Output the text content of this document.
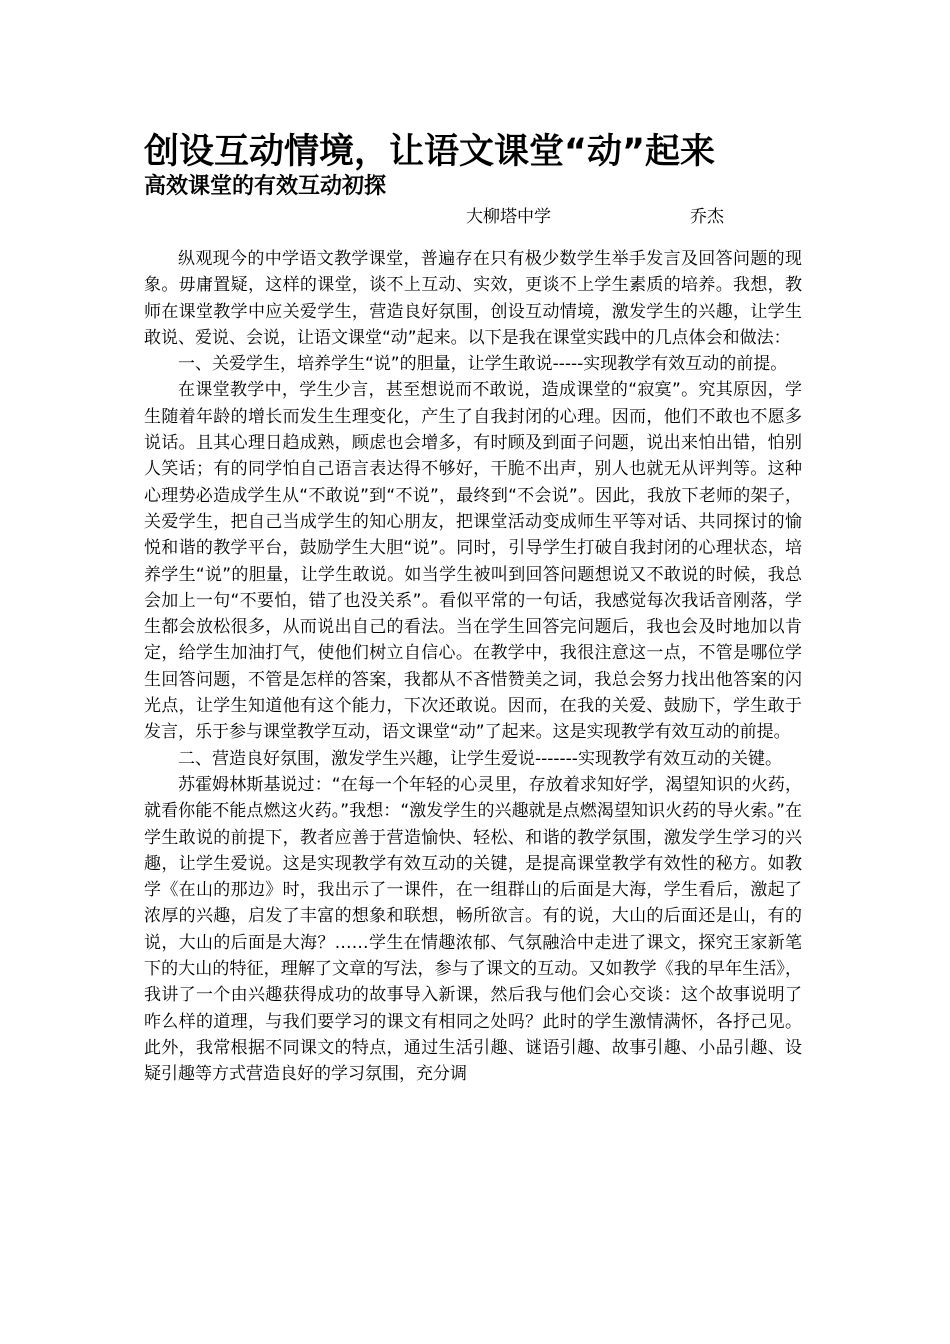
创设互动情境，让语文课堂“动”起来
高效课堂的有效互动初探
大柳塔中学	乔杰

纵观现今的中学语文教学课堂，普遍存在只有极少数学生举手发言及回答问题的现象。毋庸置疑，这样的课堂，谈不上互动、实效，更谈不上学生素质的培养。我想，教师在课堂教学中应关爱学生，营造良好氛围，创设互动情境，激发学生的兴趣，让学生敢说、爱说、会说，让语文课堂“动”起来。以下是我在课堂实践中的几点体会和做法：

一、关爱学生，培养学生“说”的胆量，让学生敢说-----实现教学有效互动的前提。

在课堂教学中，学生少言，甚至想说而不敢说，造成课堂的“寂寞”。究其原因，学生随着年龄的增长而发生生理变化，产生了自我封闭的心理。因而，他们不敢也不愿多说话。且其心理日趋成熟，顾虑也会增多，有时顾及到面子问题，说出来怕出错，怕别人笑话；有的同学怕自己语言表达得不够好，干脆不出声，别人也就无从评判等。这种心理势必造成学生从“不敢说”到“不说”，最终到“不会说”。因此，我放下老师的架子，关爱学生，把自己当成学生的知心朋友，把课堂活动变成师生平等对话、共同探讨的愉悦和谐的教学平台，鼓励学生大胆“说”。同时，引导学生打破自我封闭的心理状态，培养学生“说”的胆量，让学生敢说。如当学生被叫到回答问题想说又不敢说的时候，我总会加上一句“不要怕，错了也没关系”。看似平常的一句话，我感觉每次我话音刚落，学生都会放松很多，从而说出自己的看法。当在学生回答完问题后，我也会及时地加以肯定，给学生加油打气，使他们树立自信心。在教学中，我很注意这一点，不管是哪位学生回答问题，不管是怎样的答案，我都从不吝惜赞美之词，我总会努力找出他答案的闪光点，让学生知道他有这个能力，下次还敢说。因而，在我的关爱、鼓励下，学生敢于发言，乐于参与课堂教学互动，语文课堂“动”了起来。这是实现教学有效互动的前提。

二、营造良好氛围，激发学生兴趣，让学生爱说-------实现教学有效互动的关键。

苏霍姆林斯基说过：“在每一个年轻的心灵里，存放着求知好学，渴望知识的火药，就看你能不能点燃这火药。”我想：“激发学生的兴趣就是点燃渴望知识火药的导火索。”在学生敢说的前提下，教者应善于营造愉快、轻松、和谐的教学氛围，激发学生学习的兴趣，让学生爱说。这是实现教学有效互动的关键，是提高课堂教学有效性的秘方。如教学《在山的那边》时，我出示了一课件，在一组群山的后面是大海，学生看后，激起了浓厚的兴趣，启发了丰富的想象和联想，畅所欲言。有的说，大山的后面还是山，有的说，大山的后面是大海？……学生在情趣浓郁、气氛融洽中走进了课文，探究王家新笔下的大山的特征，理解了文章的写法，参与了课文的互动。又如教学《我的早年生活》，我讲了一个由兴趣获得成功的故事导入新课，然后我与他们会心交谈：这个故事说明了咋么样的道理，与我们要学习的课文有相同之处吗？此时的学生激情满怀，各抒己见。此外，我常根据不同课文的特点，通过生活引趣、谜语引趣、故事引趣、小品引趣、设疑引趣等方式营造良好的学习氛围，充分调
